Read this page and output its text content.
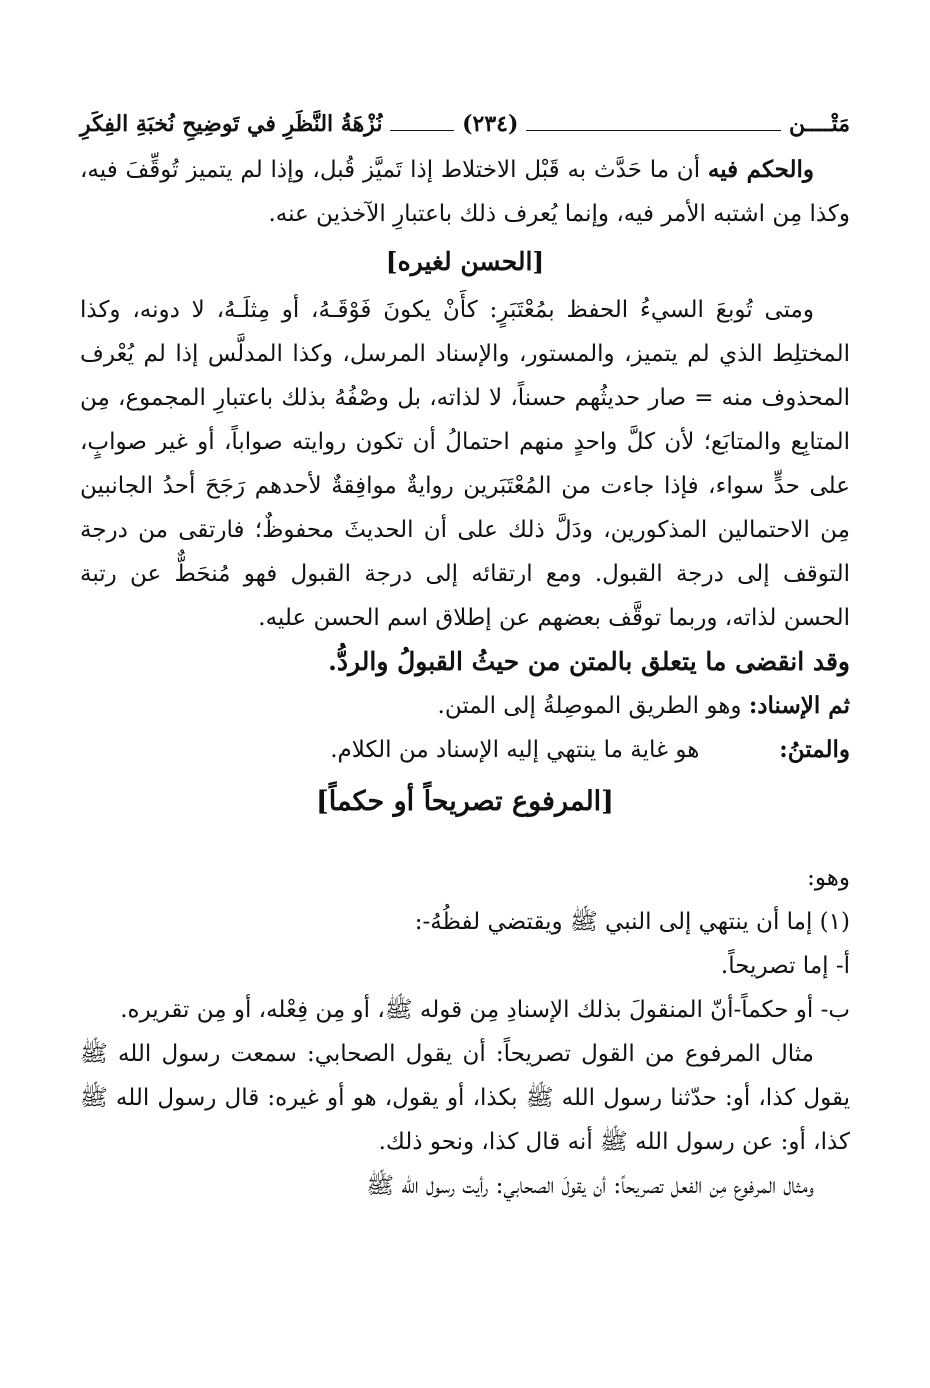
مَتْــــن
(٢٣٤)
نُزْهَةُ النَّظَرِ في تَوضِيحِ نُخبَةِ الفِكَرِ

والحكم فيه أن ما حَدَّث به قَبْل الاختلاط إذا تَميَّز قُبل، وإذا لم يتميز تُوقِّفَ فيه، وكذا مِن اشتبه الأمر فيه، وإنما يُعرف ذلك باعتبارِ الآخذين عنه.

[الحسن لغيره]

ومتى تُوبعَ السيءُ الحفظ بمُعْتَبَرٍ: كأَنْ يكونَ فَوْقَـهُ، أو مِثلَـهُ، لا دونه، وكذا المختلِط الذي لم يتميز، والمستور، والإسناد المرسل، وكذا المدلَّس إذا لم يُعْرف المحذوف منه = صار حديثُهم حسناً، لا لذاته، بل وصْفُهُ بذلك باعتبارِ المجموع، مِن المتابِع والمتابَع؛ لأن كلَّ واحدٍ منهم احتمالُ أن تكون روايته صواباً، أو غير صوابٍ، على حدٍّ سواء، فإذا جاءت من المُعْتَبَرين روايةٌ موافِقةٌ لأحدهم رَجَحَ أحدُ الجانبين مِن الاحتمالين المذكورين، ودَلَّ ذلك على أن الحديثَ محفوظٌ؛ فارتقى من درجة التوقف إلى درجة القبول. ومع ارتقائه إلى درجة القبول فهو مُنحَطٌّ عن رتبة الحسن لذاته، وربما توقَّف بعضهم عن إطلاق اسم الحسن عليه.

وقد انقضى ما يتعلق بالمتن من حيثُ القبولُ والردُّ.

ثم الإسناد: وهو الطريق الموصِلةُ إلى المتن.

والمتنُ:  هو غاية ما ينتهي إليه الإسناد من الكلام.

[المرفوع تصريحاً أو حكماً]

وهو:

(١) إما أن ينتهي إلى النبي ﷺ ويقتضي لفظُهُ-:

أ- إما تصريحاً.

ب- أو حكماً-أنّ المنقولَ بذلك الإسنادِ مِن قوله ﷺ، أو مِن فِعْله، أو مِن تقريره.

مثال المرفوع من القول تصريحاً: أن يقول الصحابي: سمعت رسول الله ﷺ يقول كذا، أو: حدّثنا رسول الله ﷺ بكذا، أو يقول، هو أو غيره: قال رسول الله ﷺ كذا، أو: عن رسول الله ﷺ أنه قال كذا، ونحو ذلك.

ومثال المرفوع مِن الفعل تصريحاً: أن يقولَ الصحابي: رأيت رسول الله ﷺ
